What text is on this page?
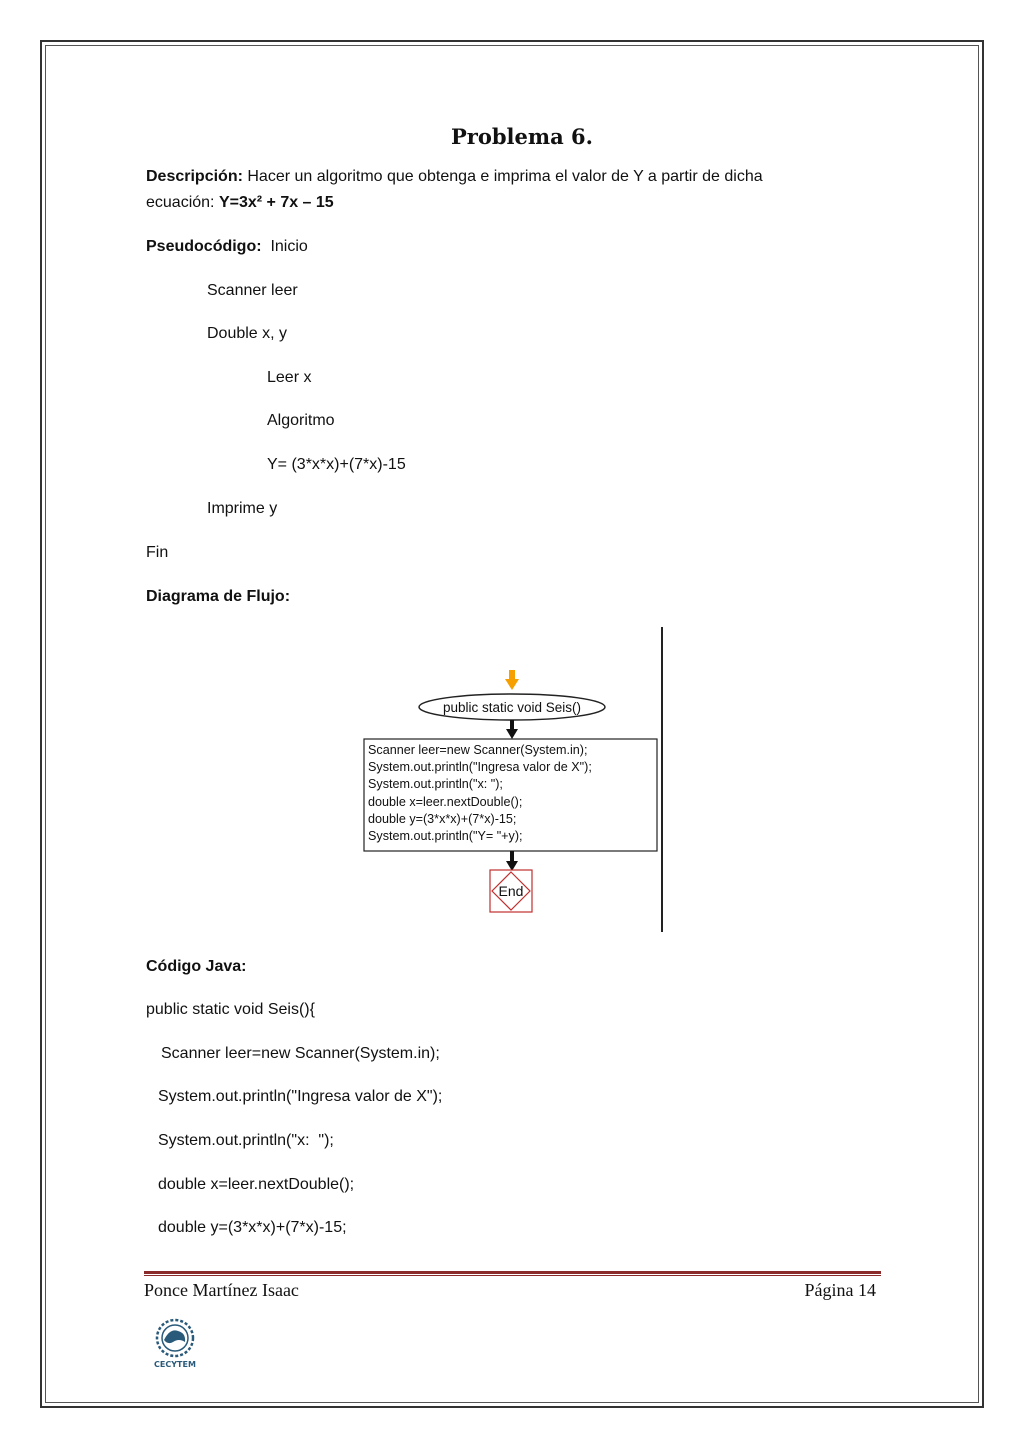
Problema 6.
Descripción: Hacer un algoritmo que obtenga e imprima el valor de Y a partir de dicha
ecuación: Y=3x² + 7x – 15
Pseudocódigo: Inicio
Scanner leer
Double x, y
Leer x
Algoritmo
Y= (3*x*x)+(7*x)-15
Imprime y
Fin
Diagrama de Flujo:
public static void Seis()
Scanner leer=new Scanner(System.in);
System.out.println("Ingresa valor de X");
System.out.println("x: ");
double x=leer.nextDouble();
double y=(3*x*x)+(7*x)-15;
System.out.println("Y= "+y);
End
Código Java:
public static void Seis(){
Scanner leer=new Scanner(System.in);
System.out.println("Ingresa valor de X");
System.out.println("x:  ");
double x=leer.nextDouble();
double y=(3*x*x)+(7*x)-15;
Ponce Martínez Isaac	Página 14
CECYTEM
